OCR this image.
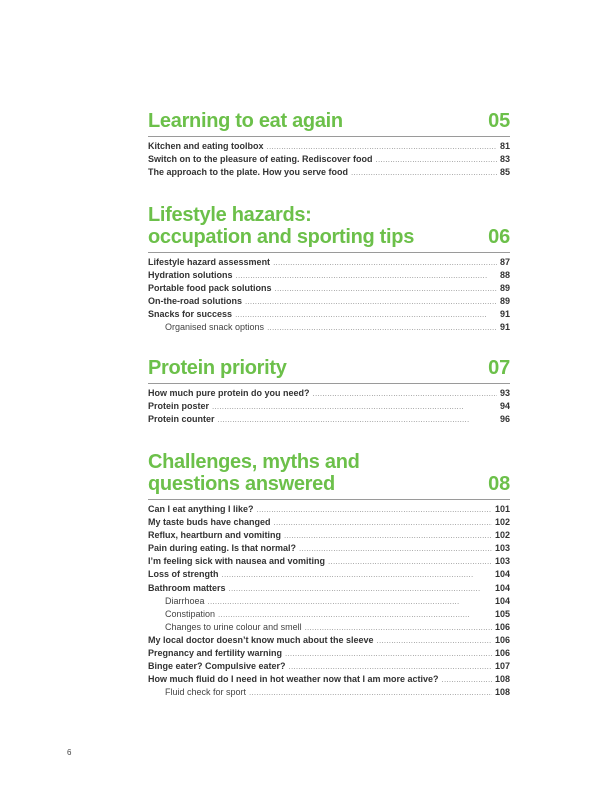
Learning to eat again	05
Kitchen and eating toolbox . . .	81
Switch on to the pleasure of eating. Rediscover food . . .	83
The approach to the plate. How you serve food . . .	85
Lifestyle hazards:
occupation and sporting tips	06
Lifestyle hazard assessment . . .	87
Hydration solutions . . .	88
Portable food pack solutions . . .	89
On-the-road solutions . . .	89
Snacks for success . . .	91
Organised snack options . . .	91
Protein priority	07
How much pure protein do you need? . . .	93
Protein poster . . .	94
Protein counter . . .	96
Challenges, myths and
questions answered	08
Can I eat anything I like? . . .	101
My taste buds have changed . . .	102
Reflux, heartburn and vomiting . . .	102
Pain during eating. Is that normal? . . .	103
I’m feeling sick with nausea and vomiting . . .	103
Loss of strength . . .	104
Bathroom matters . . .	104
Diarrhoea . . .	104
Constipation . . .	105
Changes to urine colour and smell . . .	106
My local doctor doesn’t know much about the sleeve . . .	106
Pregnancy and fertility warning . . .	106
Binge eater? Compulsive eater? . . .	107
How much fluid do I need in hot weather now that I am more active? . . .	108
Fluid check for sport . . .	108
6
